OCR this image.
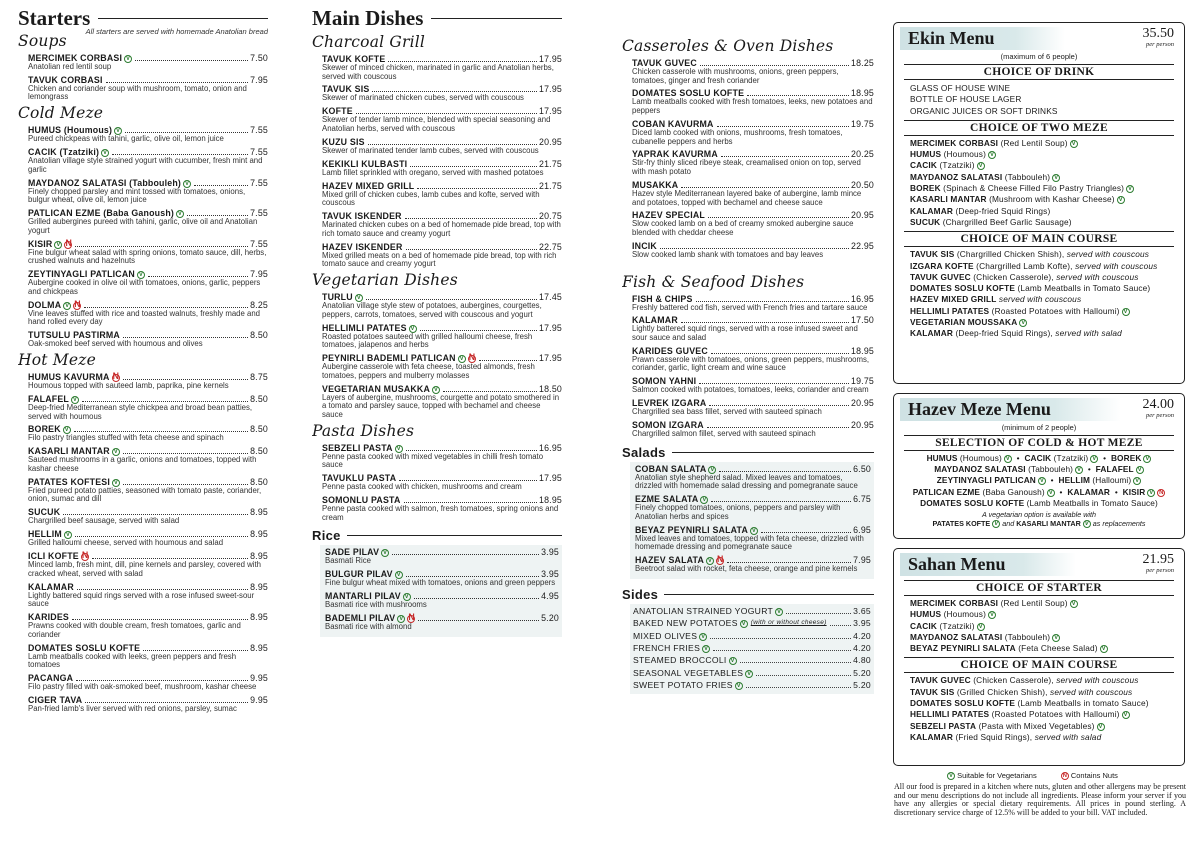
Starters
All starters are served with homemade Anatolian bread
Soups
MERCIMEK CORBASI V	7.50
Anatolian red lentil soup
TAVUK CORBASI	7.95
Chicken and coriander soup with mushroom, tomato, onion and lemongrass
Cold Meze
HUMUS (Houmous) V	7.55
Pureed chickpeas with tahini, garlic, olive oil, lemon juice
CACIK (Tzatziki) V	7.55
Anatolian village style strained yogurt with cucumber, fresh mint and garlic
MAYDANOZ SALATASI (Tabbouleh) V	7.55
Finely chopped parsley and mint tossed with tomatoes, onions, bulgur wheat, olive oil, lemon juice
PATLICAN EZME (Baba Ganoush) V	7.55
Grilled aubergines pureed with tahini, garlic, olive oil and Anatolian yogurt
KISIR V N	7.55
Fine bulgur wheat salad with spring onions, tomato sauce, dill, herbs, crushed walnuts and hazelnuts
ZEYTINYAGLI PATLICAN V	7.95
Aubergine cooked in olive oil with tomatoes, onions, garlic, peppers and chickpeas
DOLMA V N	8.25
Vine leaves stuffed with rice and toasted walnuts, freshly made and hand rolled every day
TUTSULU PASTIRMA	8.50
Oak-smoked beef served with houmous and olives
Hot Meze
HUMUS KAVURMA N	8.75
Houmous topped with sauteed lamb, paprika, pine kernels
FALAFEL V	8.50
Deep-fried Mediterranean style chickpea and broad bean patties, served with houmous
BOREK V	8.50
Filo pastry triangles stuffed with feta cheese and spinach
KASARLI MANTAR V	8.50
Sauteed mushrooms in a garlic, onions and tomatoes, topped with kashar cheese
PATATES KOFTESI V	8.50
Fried pureed potato patties, seasoned with tomato paste, coriander, onion, sumac and dill
SUCUK	8.95
Chargrilled beef sausage, served with salad
HELLIM V	8.95
Grilled halloumi cheese, served with houmous and salad
ICLI KOFTE N	8.95
Minced lamb, fresh mint, dill, pine kernels and parsley, covered with cracked wheat, served with salad
KALAMAR	8.95
Lightly battered squid rings served with a rose infused sweet-sour sauce
KARIDES	8.95
Prawns cooked with double cream, fresh tomatoes, garlic and coriander
DOMATES SOSLU KOFTE	8.95
Lamb meatballs cooked with leeks, green peppers and fresh tomatoes
PACANGA	9.95
Filo pastry filled with oak-smoked beef, mushroom, kashar cheese
CIGER TAVA	9.95
Pan-fried lamb's liver served with red onions, parsley, sumac
Main Dishes
Charcoal Grill
TAVUK KOFTE	17.95
Skewer of minced chicken, marinated in garlic and Anatolian herbs, served with couscous
TAVUK SIS	17.95
Skewer of marinated chicken cubes, served with couscous
KOFTE	17.95
Skewer of tender lamb mince, blended with special seasoning and Anatolian herbs, served with couscous
KUZU SIS	20.95
Skewer of marinated tender lamb cubes, served with couscous
KEKIKLI KULBASTI	21.75
Lamb fillet sprinkled with oregano, served with mashed potatoes
HAZEV MIXED GRILL	21.75
Mixed grill of chicken cubes, lamb cubes and kofte, served with couscous
TAVUK ISKENDER	20.75
Marinated chicken cubes on a bed of homemade pide bread, top with rich tomato sauce and creamy yogurt
HAZEV ISKENDER	22.75
Mixed grilled meats on a bed of homemade pide bread, top with rich tomato sauce and creamy yogurt
Vegetarian Dishes
TURLU V	17.45
Anatolian village style stew of potatoes, aubergines, courgettes, peppers, carrots, tomatoes, served with couscous and yogurt
HELLIMLI PATATES V	17.95
Roasted potatoes sauteed with grilled halloumi cheese, fresh tomatoes, jalapenos and herbs
PEYNIRLI BADEMLI PATLICAN V N	17.95
Aubergine casserole with feta cheese, toasted almonds, fresh tomatoes, peppers and mulberry molasses
VEGETARIAN MUSAKKA V	18.50
Layers of aubergine, mushrooms, courgette and potato smothered in a tomato and parsley sauce, topped with bechamel and cheese sauce
Pasta Dishes
SEBZELI PASTA V	16.95
Penne pasta cooked with mixed vegetables in chilli fresh tomato sauce
TAVUKLU PASTA	17.95
Penne pasta cooked with chicken, mushrooms and cream
SOMONLU PASTA	18.95
Penne pasta cooked with salmon, fresh tomatoes, spring onions and cream
Rice
SADE PILAV V	3.95
Basmati Rice
BULGUR PILAV V	3.95
Fine bulgur wheat mixed with tomatoes, onions and green peppers
MANTARLI PILAV V	4.95
Basmati rice with mushrooms
BADEMLI PILAV V N	5.20
Basmati rice with almond
Casseroles & Oven Dishes
TAVUK GUVEC	18.25
Chicken casserole with mushrooms, onions, green peppers, tomatoes, ginger and fresh coriander
DOMATES SOSLU KOFTE	18.95
Lamb meatballs cooked with fresh tomatoes, leeks, new potatoes and peppers
COBAN KAVURMA	19.75
Diced lamb cooked with onions, mushrooms, fresh tomatoes, cubanelle peppers and herbs
YAPRAK KAVURMA	20.25
Stir-fry thinly sliced ribeye steak, creamalised onion on top, served with mash potato
MUSAKKA	20.50
Hazev style Mediterranean layered bake of aubergine, lamb mince and potatoes, topped with bechamel and cheese sauce
HAZEV SPECIAL	20.95
Slow cooked lamb on a bed of creamy smoked aubergine sauce blended with cheddar cheese
INCIK	22.95
Slow cooked lamb shank with tomatoes and bay leaves
Fish & Seafood Dishes
FISH & CHIPS	16.95
Freshly battered cod fish, served with French fries and tartare sauce
KALAMAR	17.50
Lightly battered squid rings, served with a rose infused sweet and sour sauce and salad
KARIDES GUVEC	18.95
Prawn casserole with tomatoes, onions, green peppers, mushrooms, coriander, garlic, light cream and wine sauce
SOMON YAHNI	19.75
Salmon cooked with potatoes, tomatoes, leeks, coriander and cream
LEVREK IZGARA	20.95
Chargrilled sea bass fillet, served with sauteed spinach
SOMON IZGARA	20.95
Chargrilled salmon fillet, served with sauteed spinach
Salads
COBAN SALATA V	6.50
Anatolian style shepherd salad. Mixed leaves and tomatoes, drizzled with homemade salad dressing and pomegranate sauce
EZME SALATA V	6.75
Finely chopped tomatoes, onions, peppers and parsley with Anatolian herbs and spices
BEYAZ PEYNIRLI SALATA V	6.95
Mixed leaves and tomatoes, topped with feta cheese, drizzled with homemade dressing and pomegranate sauce
HAZEV SALATA V N	7.95
Beetroot salad with rocket, feta cheese, orange and pine kernels
Sides
ANATOLIAN STRAINED YOGURT V	3.65
BAKED NEW POTATOES V (with or without cheese)	3.95
MIXED OLIVES V	4.20
FRENCH FRIES V	4.20
STEAMED BROCCOLI V	4.80
SEASONAL VEGETABLES V	5.20
SWEET POTATO FRIES V	5.20
Ekin Menu	35.50
per person
(maximum of 6 people)
CHOICE OF DRINK
GLASS OF HOUSE WINE
BOTTLE OF HOUSE LAGER
ORGANIC JUICES OR SOFT DRINKS
CHOICE OF TWO MEZE
MERCIMEK CORBASI (Red Lentil Soup) V
HUMUS (Houmous) V
CACIK (Tzatziki) V
MAYDANOZ SALATASI (Tabbouleh) V
BOREK (Spinach & Cheese Filled Filo Pastry Triangles) V
KASARLI MANTAR (Mushroom with Kashar Cheese) V
KALAMAR (Deep-fried Squid Rings)
SUCUK (Chargrilled Beef Garlic Sausage)
CHOICE OF MAIN COURSE
TAVUK SIS (Chargrilled Chicken Shish), served with couscous
IZGARA KOFTE (Chargrilled Lamb Kofte), served with couscous
TAVUK GUVEC (Chicken Casserole), served with couscous
DOMATES SOSLU KOFTE (Lamb Meatballs in Tomato Sauce)
HAZEV MIXED GRILL served with couscous
HELLIMLI PATATES (Roasted Potatoes with Halloumi) V
VEGETARIAN MOUSSAKA V
KALAMAR (Deep-fried Squid Rings), served with salad
Hazev Meze Menu	24.00
per person
(minimum of 2 people)
SELECTION OF COLD & HOT MEZE
HUMUS (Houmous) V  •  CACIK (Tzatziki) V  •  BOREK V
MAYDANOZ SALATASI (Tabbouleh) V  •  FALAFEL V
ZEYTINYAGLI PATLICAN V  •  HELLIM (Halloumi) V
PATLICAN EZME (Baba Ganoush) V  •  KALAMAR  •  KISIR V N
DOMATES SOSLU KOFTE (Lamb Meatballs in Tomato Sauce)
A vegetarian option is available with
PATATES KOFTE V and KASARLI MANTAR V as replacements
Sahan Menu	21.95
per person
CHOICE OF STARTER
MERCIMEK CORBASI (Red Lentil Soup) V
HUMUS (Houmous) V
CACIK (Tzatziki) V
MAYDANOZ SALATASI (Tabbouleh) V
BEYAZ PEYNIRLI SALATA (Feta Cheese Salad) V
CHOICE OF MAIN COURSE
TAVUK GUVEC (Chicken Casserole), served with couscous
TAVUK SIS (Grilled Chicken Shish), served with couscous
DOMATES SOSLU KOFTE (Lamb Meatballs in tomato Sauce)
HELLIMLI PATATES (Roasted Potatoes with Halloumi) V
SEBZELI PASTA (Pasta with Mixed Vegetables) V
KALAMAR (Fried Squid Rings), served with salad
V Suitable for Vegetarians	N Contains Nuts
All our food is prepared in a kitchen where nuts, gluten and other allergens may be present and our menu descriptions do not include all ingredients. Please inform your server if you have any allergies or special dietary requirements. All prices in pound sterling. A discretionary service charge of 12.5% will be added to your bill. VAT included.
